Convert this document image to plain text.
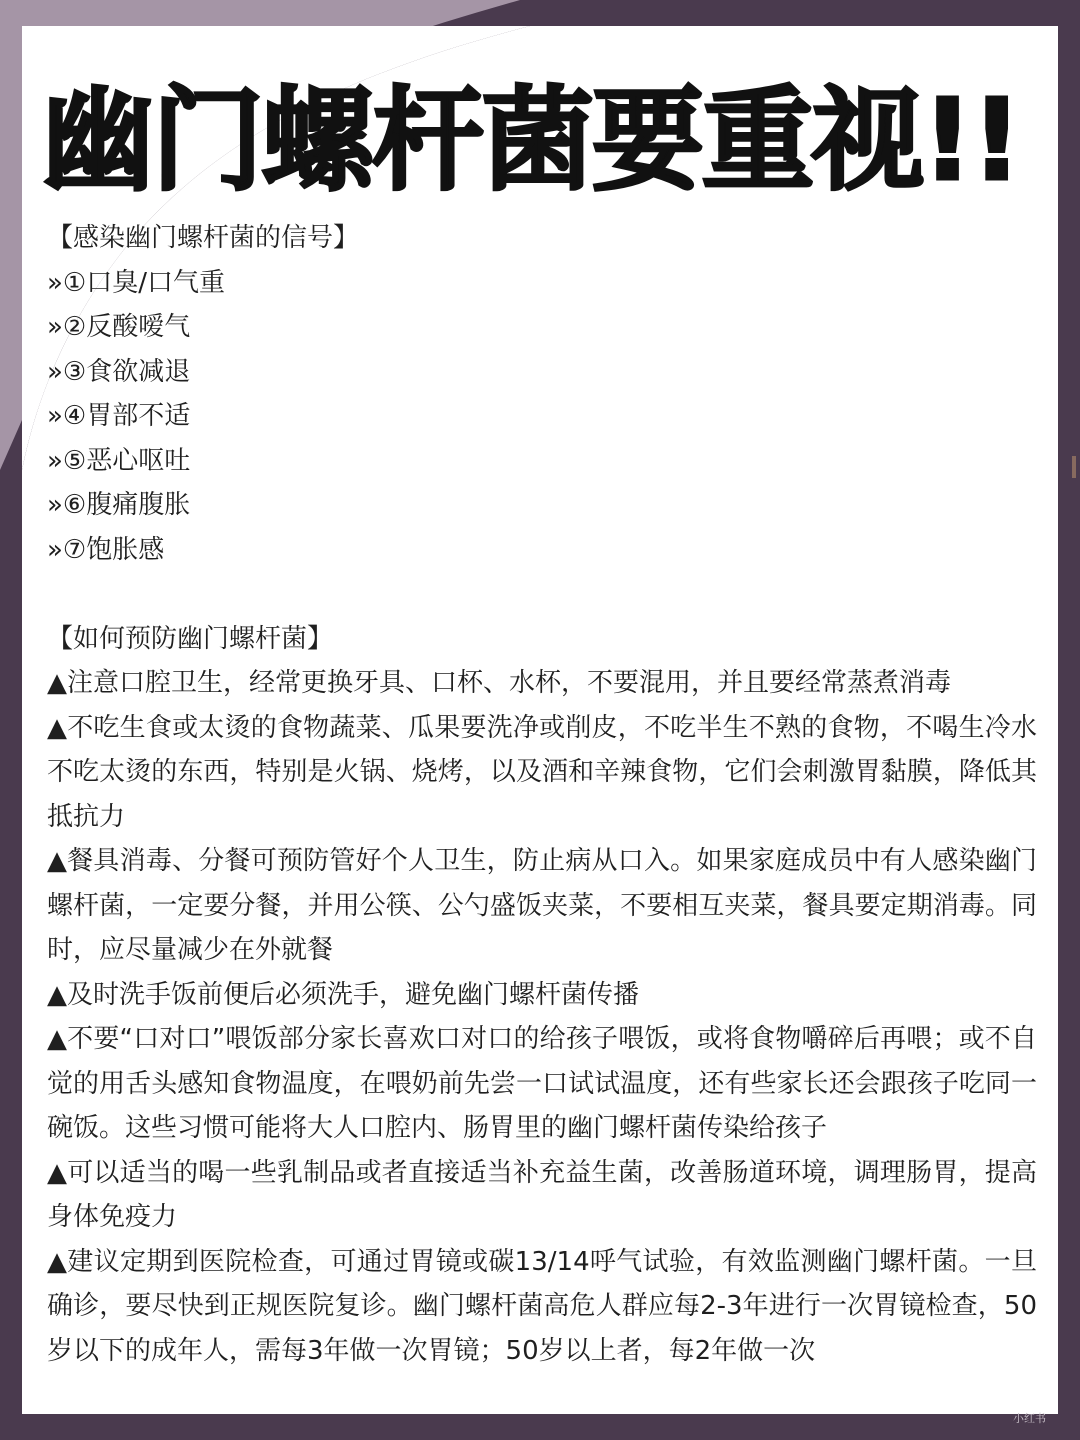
幽门螺杆菌要重视!!

【感染幽门螺杆菌的信号】

»①口臭/口气重

»②反酸嗳气

»③食欲减退

»④胃部不适

»⑤恶心呕吐

»⑥腹痛腹胀

»⑦饱胀感

【如何预防幽门螺杆菌】

▲注意口腔卫生，经常更换牙具、口杯、水杯，不要混用，并且要经常蒸煮消毒

▲不吃生食或太烫的食物蔬菜、瓜果要洗净或削皮，不吃半生不熟的食物，不喝生冷水不吃太烫的东西，特别是火锅、烧烤，以及酒和辛辣食物，它们会刺激胃黏膜，降低其抵抗力

▲餐具消毒、分餐可预防管好个人卫生，防止病从口入。如果家庭成员中有人感染幽门螺杆菌，一定要分餐，并用公筷、公勺盛饭夹菜，不要相互夹菜，餐具要定期消毒。同时，应尽量减少在外就餐

▲及时洗手饭前便后必须洗手，避免幽门螺杆菌传播

▲不要“口对口”喂饭部分家长喜欢口对口的给孩子喂饭，或将食物嚼碎后再喂；或不自觉的用舌头感知食物温度，在喂奶前先尝一口试试温度，还有些家长还会跟孩子吃同一碗饭。这些习惯可能将大人口腔内、肠胃里的幽门螺杆菌传染给孩子

▲可以适当的喝一些乳制品或者直接适当补充益生菌，改善肠道环境，调理肠胃，提高身体免疫力

▲建议定期到医院检查，可通过胃镜或碳13/14呼气试验，有效监测幽门螺杆菌。一旦确诊，要尽快到正规医院复诊。幽门螺杆菌高危人群应每2-3年进行一次胃镜检查，50岁以下的成年人，需每3年做一次胃镜；50岁以上者，每2年做一次

小红书
